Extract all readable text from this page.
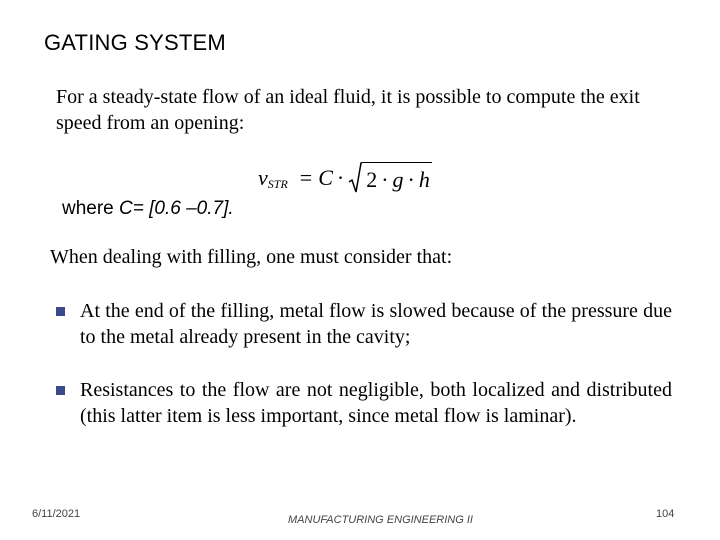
GATING SYSTEM
For a steady-state flow of an ideal fluid, it is possible to compute the exit speed from an opening:
v STR = C · 2 · g · h
where C= [0.6 –0.7].
When dealing with filling, one must consider that:
At the end of the filling, metal flow is slowed because of the pressure due to the metal already present in the cavity;
Resistances to the flow are not negligible, both localized and distributed (this latter item is less important, since metal flow is laminar).
6/11/2021	MANUFACTURING ENGINEERING II	104
